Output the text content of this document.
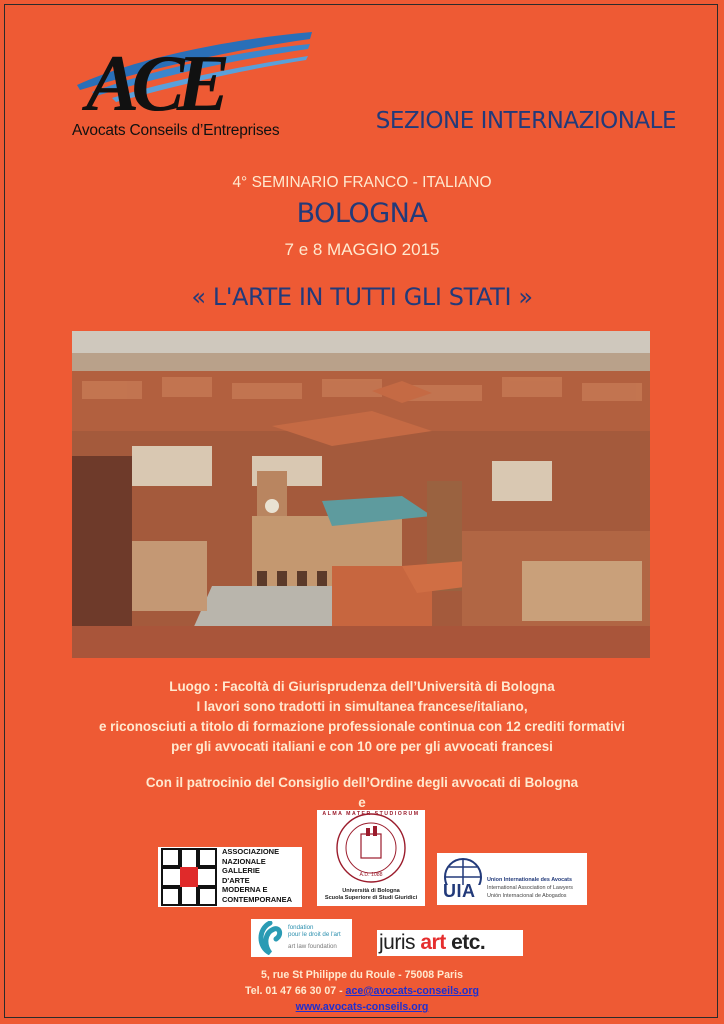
ACE
Avocats Conseils d’Entreprises	SEZIONE INTERNAZIONALE
4° SEMINARIO FRANCO - ITALIANO
BOLOGNA
7 e 8 MAGGIO 2015
« L'ARTE IN TUTTI GLI STATI »
Luogo : Facoltà di Giurisprudenza dell’Università di Bologna
I lavori sono tradotti in simultanea francese/italiano,
e riconosciuti a titolo di formazione professionale continua con 12 crediti formativi
per gli avvocati italiani e con 10 ore per gli avvocati francesi
Con il patrocinio del Consiglio dell’Ordine degli avvocati di Bologna
e
ASSOCIAZIONE
NAZIONALE
GALLERIE
D'ARTE
MODERNA E
CONTEMPORANEA
ALMA MATER STUDIORUM
A.D. 1088
Università di Bologna
Scuola Superiore di Studi Giuridici	UIA
Union Internationale des Avocats
International Association of Lawyers
Unión Internacional de Abogados
fondation
pour le droit de l'art
art law foundation juris art etc.
5, rue St Philippe du Roule - 75008 Paris
Tel. 01 47 66 30 07 - ace@avocats-conseils.org
www.avocats-conseils.org
